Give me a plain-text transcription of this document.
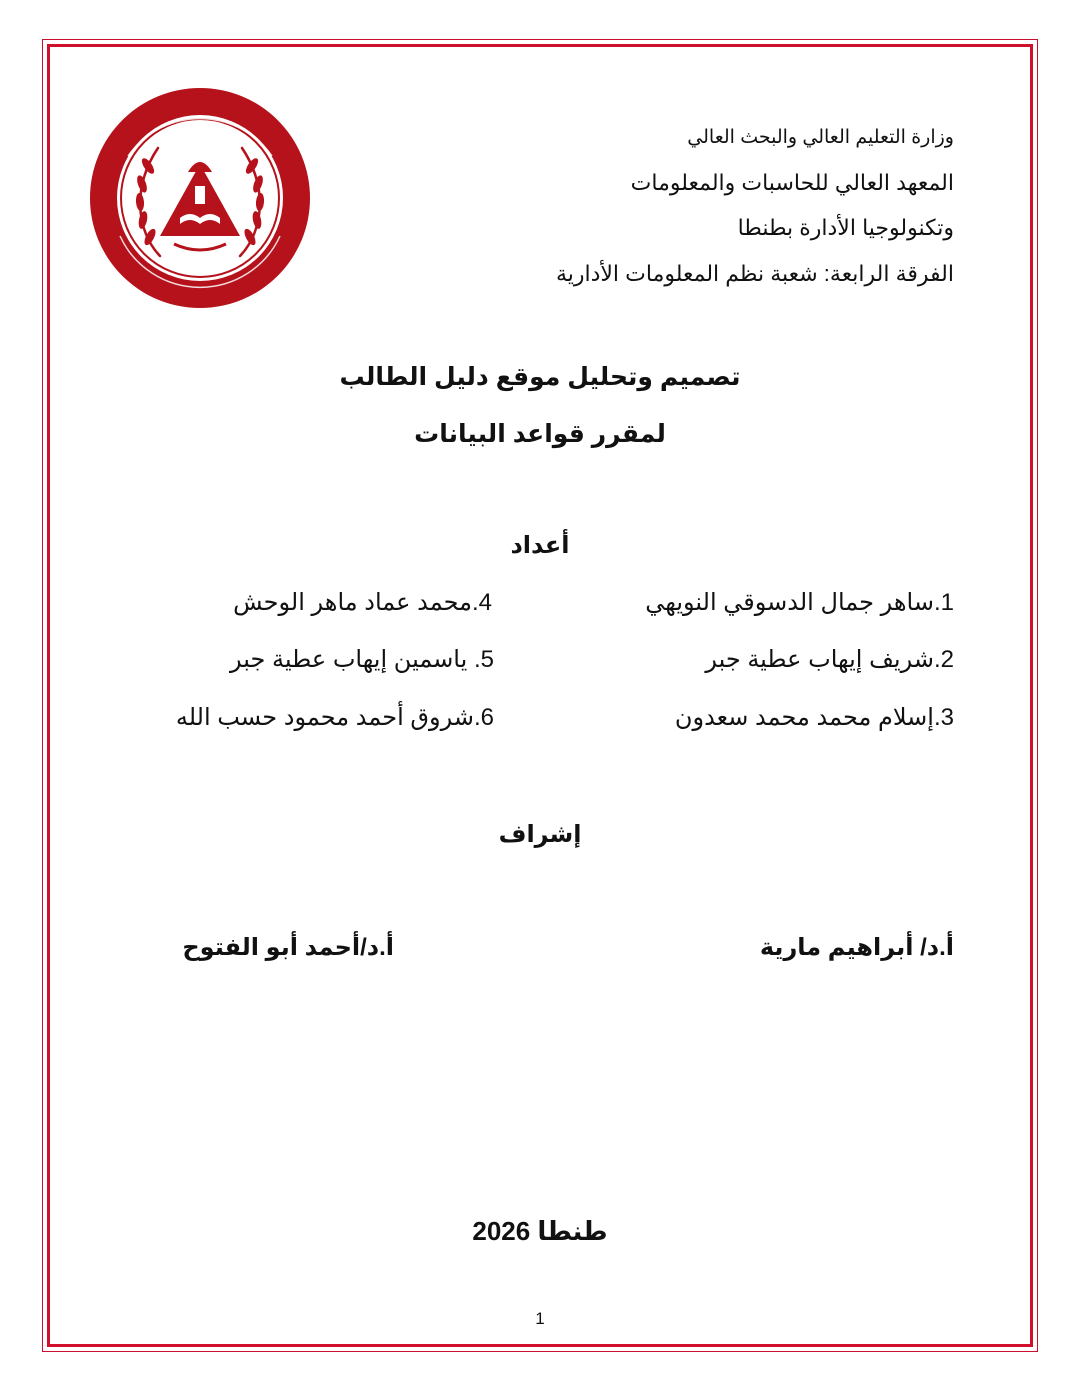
وزارة التعليم العالي والبحث العالي
المعهد العالي للحاسبات والمعلومات
وتكنولوجيا الأدارة بطنطا
الفرقة الرابعة: شعبة نظم المعلومات الأدارية
تصميم وتحليل موقع دليل الطالب
لمقرر قواعد البيانات
أعداد
1.ساهر جمال الدسوقي النويهي
2.شريف إيهاب عطية جبر
3.إسلام محمد محمد سعدون
4.محمد عماد ماهر الوحش
5. ياسمين إيهاب عطية جبر
6.شروق أحمد محمود حسب الله
إشراف
أ.د/ أبراهيم مارية
أ.د/أحمد أبو الفتوح
طنطا 2026
1
